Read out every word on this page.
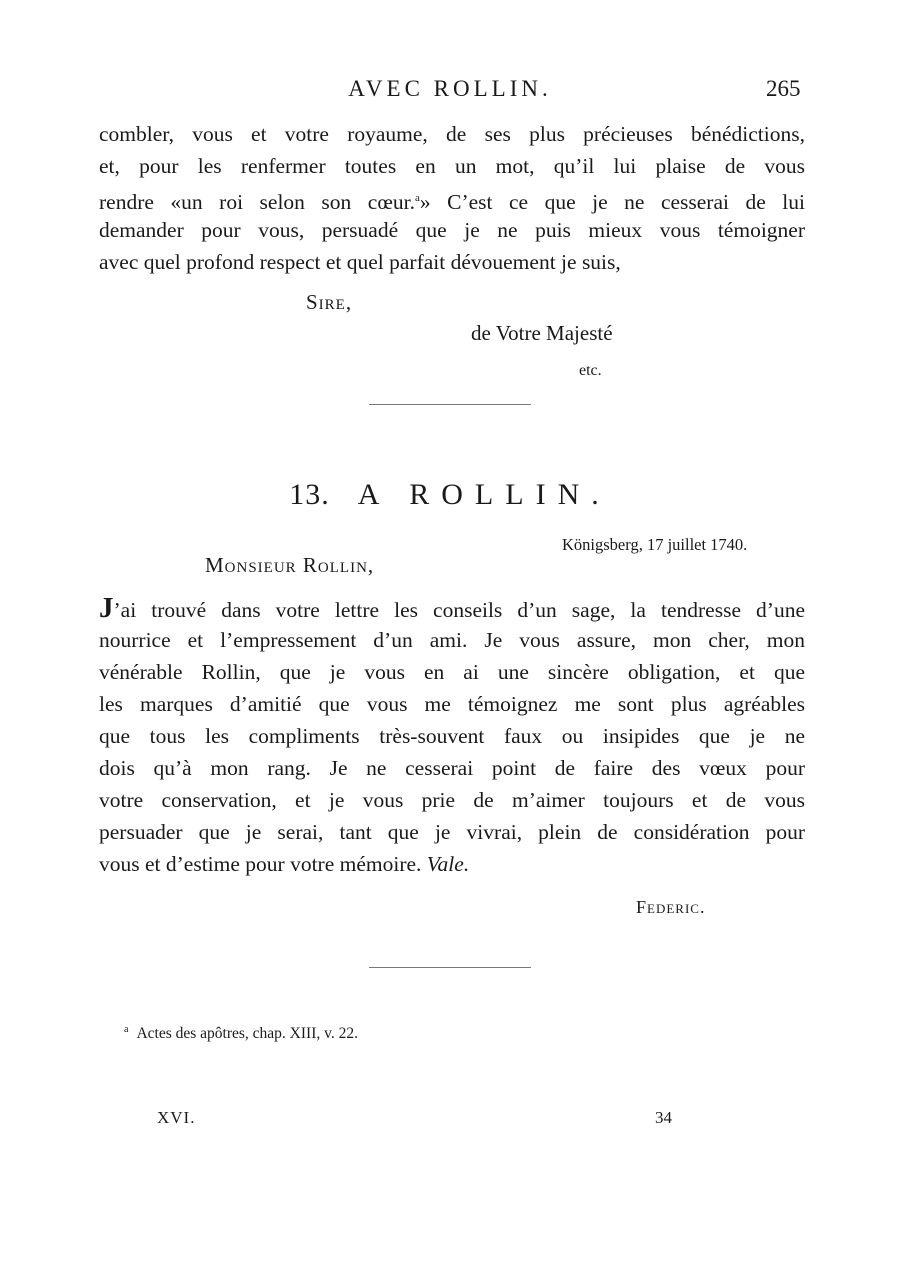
AVEC ROLLIN.	265
combler, vous et votre royaume, de ses plus précieuses bénédictions,
et, pour les renfermer toutes en un mot, qu’il lui plaise de vous
rendre «un roi selon son cœur.$^a$» C’est ce que je ne cesserai de lui
demander pour vous, persuadé que je ne puis mieux vous témoigner
avec quel profond respect et quel parfait dévouement je suis,
Sire,
de Votre Majesté
etc.
13. A ROLLIN.
Königsberg, 17 juillet 1740.
Monsieur Rollin,
J’ai trouvé dans votre lettre les conseils d’un sage, la tendresse d’une
nourrice et l’empressement d’un ami. Je vous assure, mon cher, mon
vénérable Rollin, que je vous en ai une sincère obligation, et que
les marques d’amitié que vous me témoignez me sont plus agréables
que tous les compliments très-souvent faux ou insipides que je ne
dois qu’à mon rang. Je ne cesserai point de faire des vœux pour
votre conservation, et je vous prie de m’aimer toujours et de vous
persuader que je serai, tant que je vivrai, plein de considération pour
vous et d’estime pour votre mémoire. Vale.
Federic.
$^a$ Actes des apôtres, chap. XIII, v. 22.
XVI.	34
